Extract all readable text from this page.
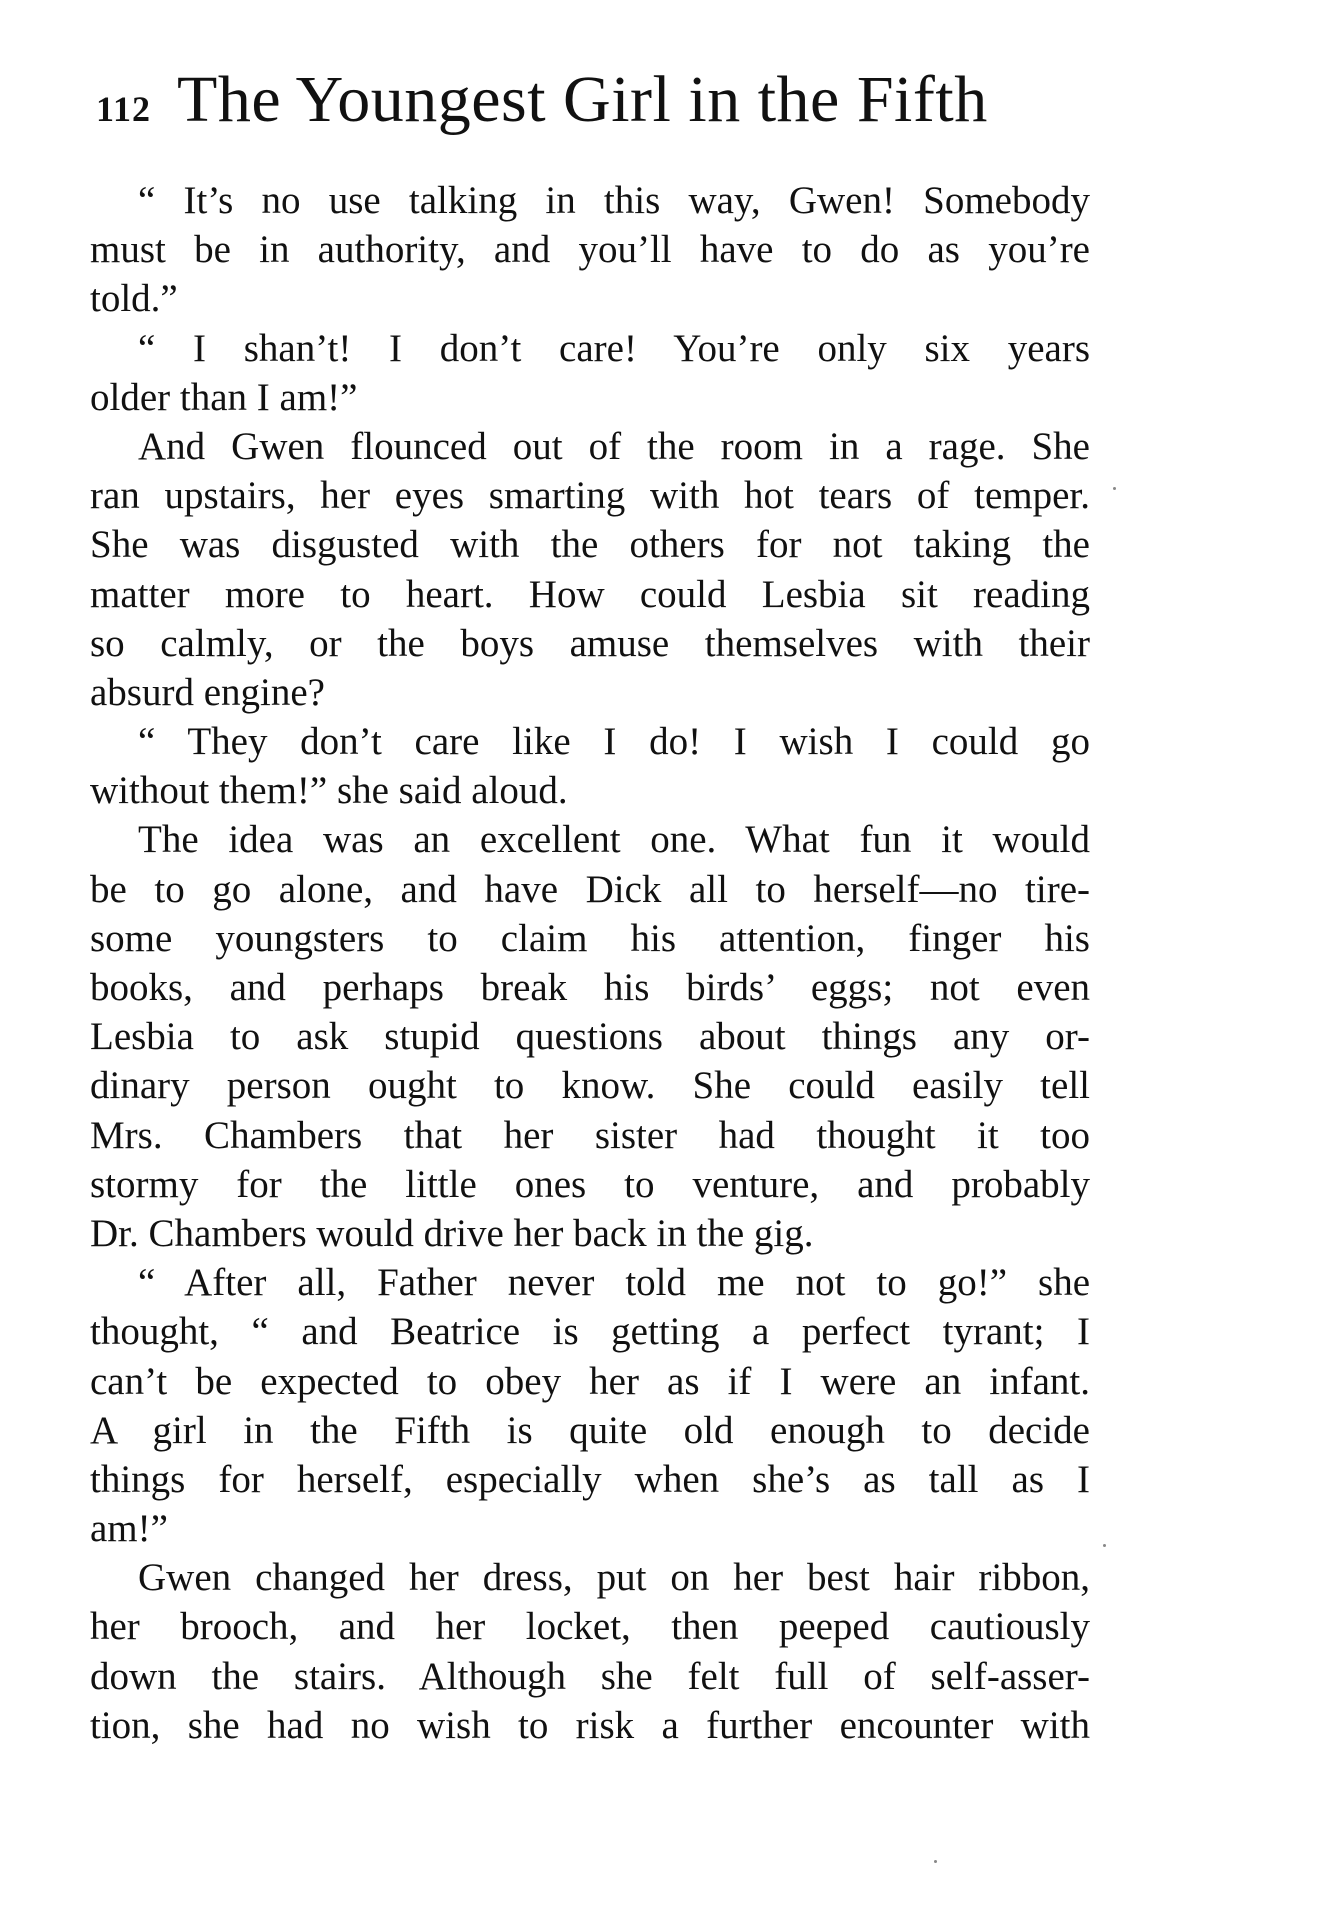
112 The Youngest Girl in the Fifth
“ It’s no use talking in this way, Gwen! Somebody
must be in authority, and you’ll have to do as you’re
told.”
“ I shan’t! I don’t care! You’re only six years
older than I am!”
And Gwen flounced out of the room in a rage. She
ran upstairs, her eyes smarting with hot tears of temper.
She was disgusted with the others for not taking the
matter more to heart. How could Lesbia sit reading
so calmly, or the boys amuse themselves with their
absurd engine?
“ They don’t care like I do! I wish I could go
without them!” she said aloud.
The idea was an excellent one. What fun it would
be to go alone, and have Dick all to herself—no tire-
some youngsters to claim his attention, finger his
books, and perhaps break his birds’ eggs; not even
Lesbia to ask stupid questions about things any or-
dinary person ought to know. She could easily tell
Mrs. Chambers that her sister had thought it too
stormy for the little ones to venture, and probably
Dr. Chambers would drive her back in the gig.
“ After all, Father never told me not to go!” she
thought, “ and Beatrice is getting a perfect tyrant; I
can’t be expected to obey her as if I were an infant.
A girl in the Fifth is quite old enough to decide
things for herself, especially when she’s as tall as I
am!”
Gwen changed her dress, put on her best hair ribbon,
her brooch, and her locket, then peeped cautiously
down the stairs. Although she felt full of self-asser-
tion, she had no wish to risk a further encounter with
